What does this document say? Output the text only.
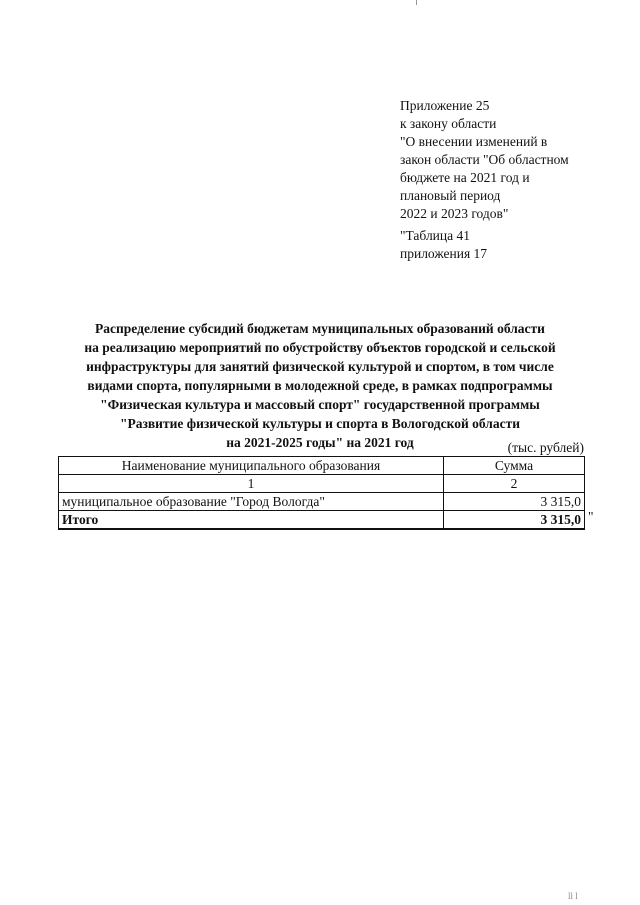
Приложение 25
к закону области
"О внесении изменений в
закон области "Об областном
бюджете на 2021 год и
плановый период
2022 и 2023 годов"
"Таблица 41
приложения 17
Распределение субсидий бюджетам муниципальных образований области
на реализацию мероприятий по обустройству объектов городской и сельской
инфраструктуры для занятий физической культурой и спортом, в том числе
видами спорта, популярными в молодежной среде, в рамках подпрограммы
"Физическая культура и массовый спорт" государственной программы
"Развитие физической культуры и спорта в Вологодской области
на 2021-2025 годы" на 2021 год	(тыс. рублей)
Наименование муниципального образования	Сумма
1	2
муниципальное образование "Город Вологда"	3 315,0
Итого	3 315,0 "
ll l
